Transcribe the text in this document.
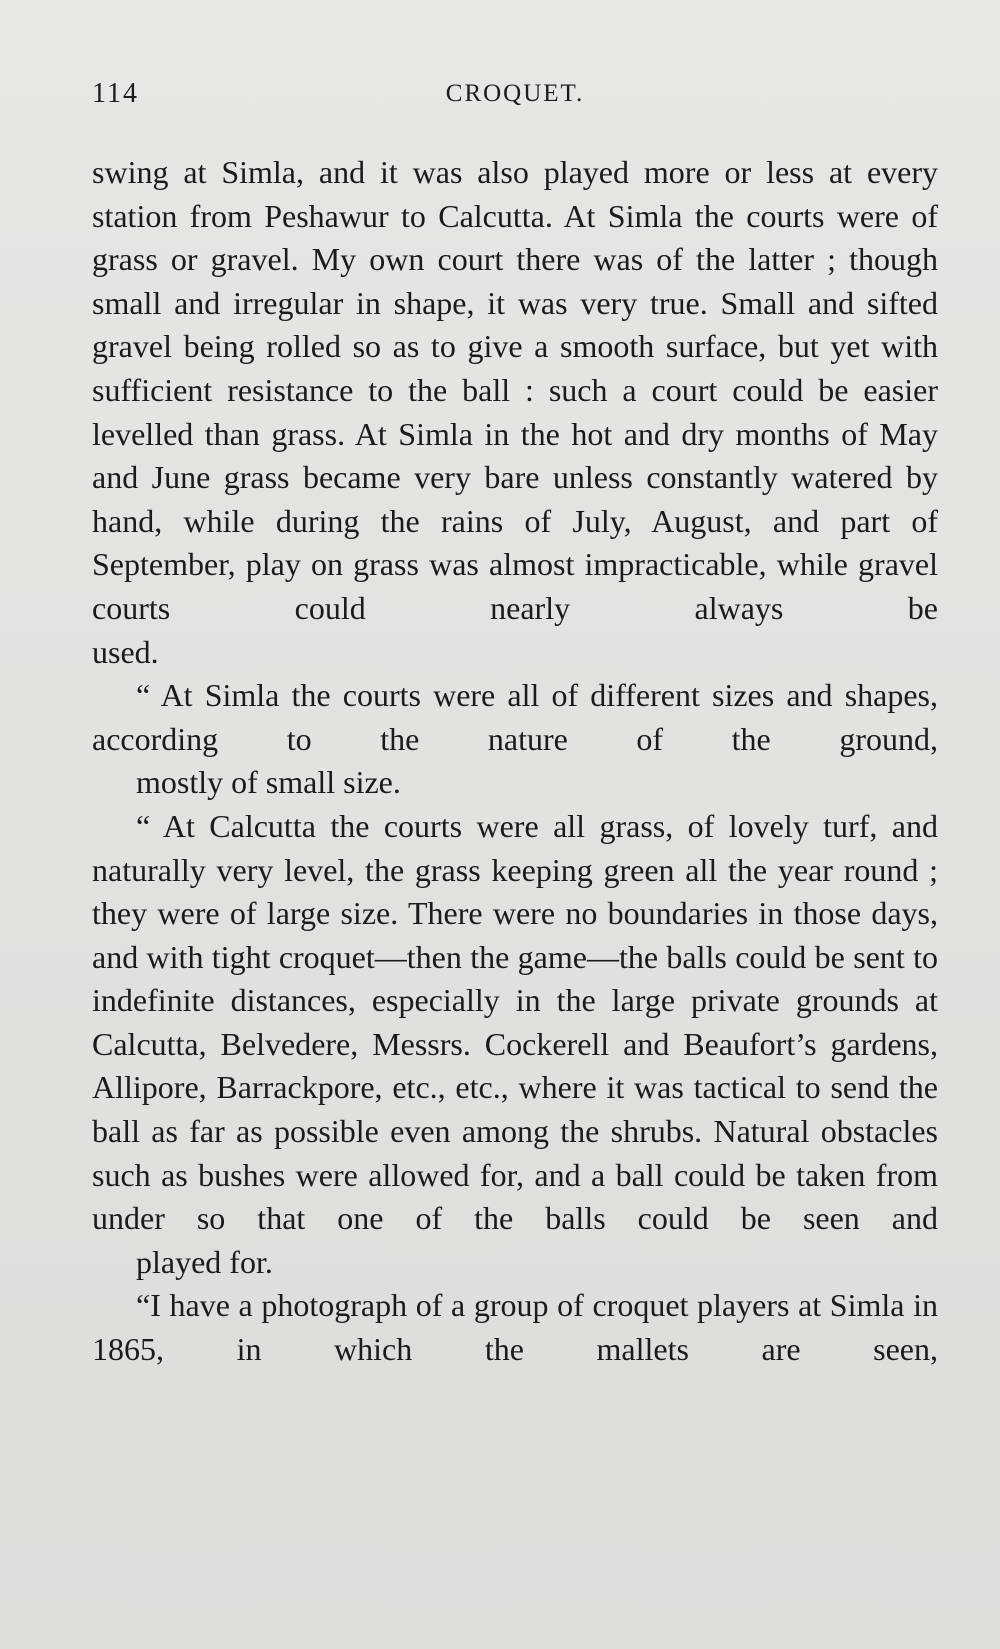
114	CROQUET.

swing at Simla, and it was also played more or less at every station from Peshawur to Calcutta. At Simla the courts were of grass or gravel. My own court there was of the latter ; though small and irregular in shape, it was very true. Small and sifted gravel being rolled so as to give a smooth surface, but yet with sufficient resistance to the ball : such a court could be easier levelled than grass. At Simla in the hot and dry months of May and June grass became very bare unless constantly watered by hand, while during the rains of July, August, and part of September, play on grass was almost impracticable, while gravel courts could nearly always be
used.

“ At Simla the courts were all of different sizes and shapes, according to the nature of the ground,
mostly of small size.

“ At Calcutta the courts were all grass, of lovely turf, and naturally very level, the grass keeping green all the year round ; they were of large size. There were no boundaries in those days, and with tight croquet—then the game—the balls could be sent to indefinite distances, especially in the large private grounds at Calcutta, Belvedere, Messrs. Cockerell and Beaufort’s gardens, Allipore, Barrackpore, etc., etc., where it was tactical to send the ball as far as possible even among the shrubs. Natural obstacles such as bushes were allowed for, and a ball could be taken from under so that one of the balls could be seen and
played for.

“I have a photograph of a group of croquet players at Simla in 1865, in which the mallets are seen,
